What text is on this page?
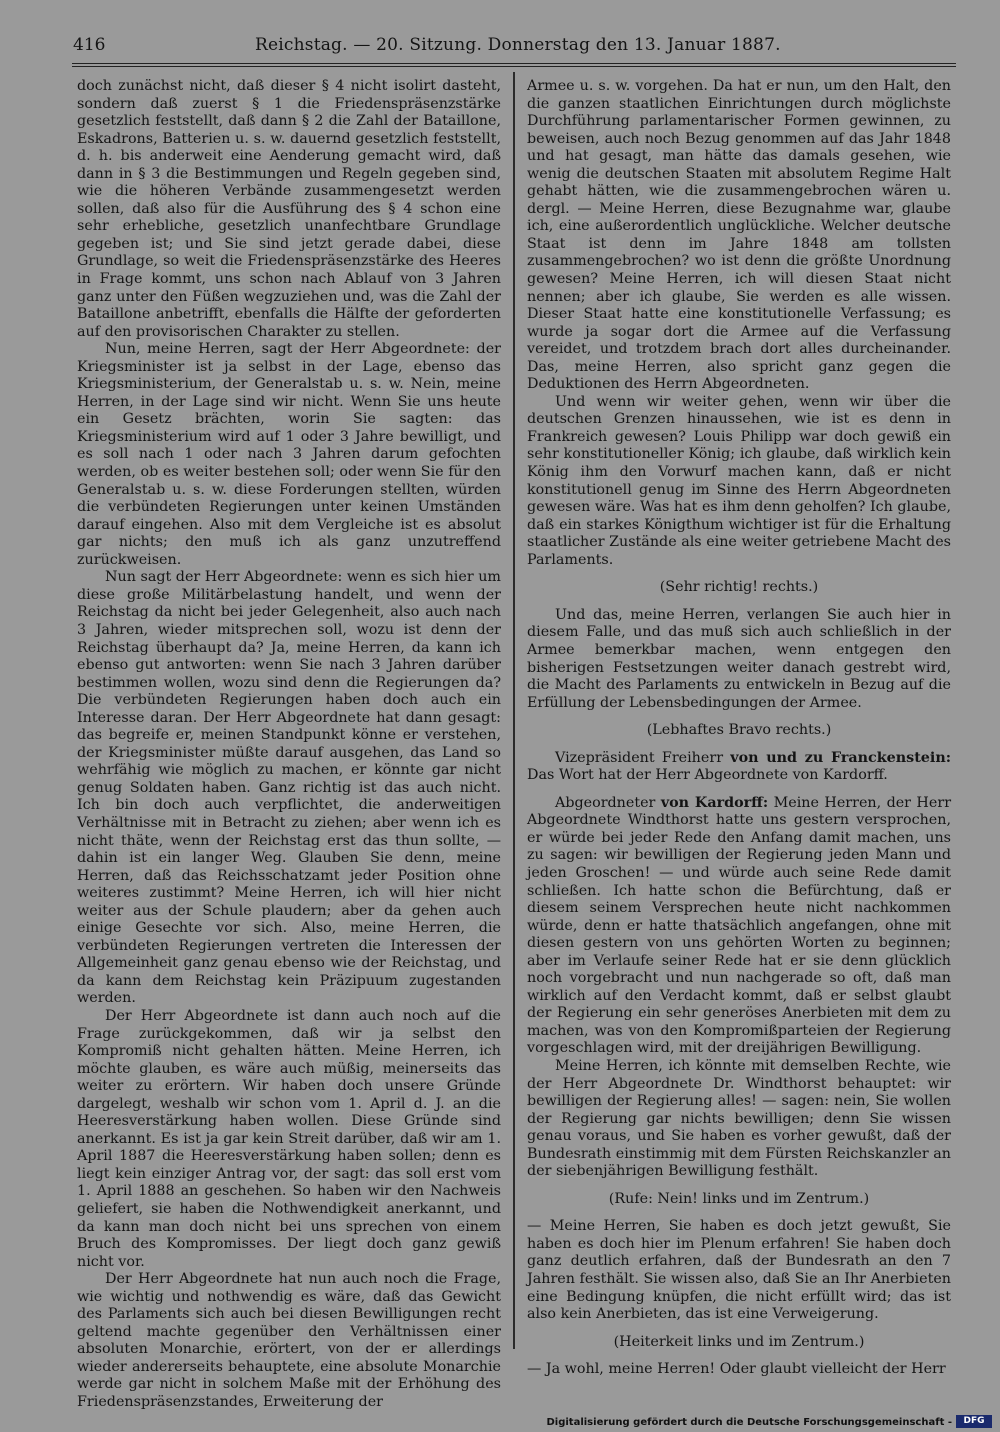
416	Reichstag. — 20. Sitzung. Donnerstag den 13. Januar 1887.

doch zunächst nicht, daß dieser § 4 nicht isolirt dasteht, sondern daß zuerst § 1 die Friedenspräsenzstärke gesetzlich feststellt, daß dann § 2 die Zahl der Bataillone, Eskadrons, Batterien u. s. w. dauernd gesetzlich feststellt, d. h. bis anderweit eine Aenderung gemacht wird, daß dann in § 3 die Bestimmungen und Regeln gegeben sind, wie die höheren Verbände zusammengesetzt werden sollen, daß also für die Ausführung des § 4 schon eine sehr erhebliche, gesetzlich unanfechtbare Grundlage gegeben ist; und Sie sind jetzt gerade dabei, diese Grundlage, so weit die Friedenspräsenzstärke des Heeres in Frage kommt, uns schon nach Ablauf von 3 Jahren ganz unter den Füßen wegzuziehen und, was die Zahl der Bataillone anbetrifft, ebenfalls die Hälfte der geforderten auf den provisorischen Charakter zu stellen.

Nun, meine Herren, sagt der Herr Abgeordnete: der Kriegsminister ist ja selbst in der Lage, ebenso das Kriegsministerium, der Generalstab u. s. w. Nein, meine Herren, in der Lage sind wir nicht. Wenn Sie uns heute ein Gesetz brächten, worin Sie sagten: das Kriegsministerium wird auf 1 oder 3 Jahre bewilligt, und es soll nach 1 oder nach 3 Jahren darum gefochten werden, ob es weiter bestehen soll; oder wenn Sie für den Generalstab u. s. w. diese Forderungen stellten, würden die verbündeten Regierungen unter keinen Umständen darauf eingehen. Also mit dem Vergleiche ist es absolut gar nichts; den muß ich als ganz unzutreffend zurückweisen.

Nun sagt der Herr Abgeordnete: wenn es sich hier um diese große Militärbelastung handelt, und wenn der Reichstag da nicht bei jeder Gelegenheit, also auch nach 3 Jahren, wieder mitsprechen soll, wozu ist denn der Reichstag überhaupt da? Ja, meine Herren, da kann ich ebenso gut antworten: wenn Sie nach 3 Jahren darüber bestimmen wollen, wozu sind denn die Regierungen da? Die verbündeten Regierungen haben doch auch ein Interesse daran. Der Herr Abgeordnete hat dann gesagt: das begreife er, meinen Standpunkt könne er verstehen, der Kriegsminister müßte darauf ausgehen, das Land so wehrfähig wie möglich zu machen, er könnte gar nicht genug Soldaten haben. Ganz richtig ist das auch nicht. Ich bin doch auch verpflichtet, die anderweitigen Verhältnisse mit in Betracht zu ziehen; aber wenn ich es nicht thäte, wenn der Reichstag erst das thun sollte, — dahin ist ein langer Weg. Glauben Sie denn, meine Herren, daß das Reichsschatzamt jeder Position ohne weiteres zustimmt? Meine Herren, ich will hier nicht weiter aus der Schule plaudern; aber da gehen auch einige Gesechte vor sich. Also, meine Herren, die verbündeten Regierungen vertreten die Interessen der Allgemeinheit ganz genau ebenso wie der Reichstag, und da kann dem Reichstag kein Präzipuum zugestanden werden.

Der Herr Abgeordnete ist dann auch noch auf die Frage zurückgekommen, daß wir ja selbst den Kompromiß nicht gehalten hätten. Meine Herren, ich möchte glauben, es wäre auch müßig, meinerseits das weiter zu erörtern. Wir haben doch unsere Gründe dargelegt, weshalb wir schon vom 1. April d. J. an die Heeresverstärkung haben wollen. Diese Gründe sind anerkannt. Es ist ja gar kein Streit darüber, daß wir am 1. April 1887 die Heeresverstärkung haben sollen; denn es liegt kein einziger Antrag vor, der sagt: das soll erst vom 1. April 1888 an geschehen. So haben wir den Nachweis geliefert, sie haben die Nothwendigkeit anerkannt, und da kann man doch nicht bei uns sprechen von einem Bruch des Kompromisses. Der liegt doch ganz gewiß nicht vor.

Der Herr Abgeordnete hat nun auch noch die Frage, wie wichtig und nothwendig es wäre, daß das Gewicht des Parlaments sich auch bei diesen Bewilligungen recht geltend machte gegenüber den Verhältnissen einer absoluten Monarchie, erörtert, von der er allerdings wieder andererseits behauptete, eine absolute Monarchie werde gar nicht in solchem Maße mit der Erhöhung des Friedenspräsenzstandes, Erweiterung der

Armee u. s. w. vorgehen. Da hat er nun, um den Halt, den die ganzen staatlichen Einrichtungen durch möglichste Durchführung parlamentarischer Formen gewinnen, zu beweisen, auch noch Bezug genommen auf das Jahr 1848 und hat gesagt, man hätte das damals gesehen, wie wenig die deutschen Staaten mit absolutem Regime Halt gehabt hätten, wie die zusammengebrochen wären u. dergl. — Meine Herren, diese Bezugnahme war, glaube ich, eine außerordentlich unglückliche. Welcher deutsche Staat ist denn im Jahre 1848 am tollsten zusammengebrochen? wo ist denn die größte Unordnung gewesen? Meine Herren, ich will diesen Staat nicht nennen; aber ich glaube, Sie werden es alle wissen. Dieser Staat hatte eine konstitutionelle Verfassung; es wurde ja sogar dort die Armee auf die Verfassung vereidet, und trotzdem brach dort alles durcheinander. Das, meine Herren, also spricht ganz gegen die Deduktionen des Herrn Abgeordneten.

Und wenn wir weiter gehen, wenn wir über die deutschen Grenzen hinaussehen, wie ist es denn in Frankreich gewesen? Louis Philipp war doch gewiß ein sehr konstitutioneller König; ich glaube, daß wirklich kein König ihm den Vorwurf machen kann, daß er nicht konstitutionell genug im Sinne des Herrn Abgeordneten gewesen wäre. Was hat es ihm denn geholfen? Ich glaube, daß ein starkes Königthum wichtiger ist für die Erhaltung staatlicher Zustände als eine weiter getriebene Macht des Parlaments.

(Sehr richtig! rechts.)

Und das, meine Herren, verlangen Sie auch hier in diesem Falle, und das muß sich auch schließlich in der Armee bemerkbar machen, wenn entgegen den bisherigen Festsetzungen weiter danach gestrebt wird, die Macht des Parlaments zu entwickeln in Bezug auf die Erfüllung der Lebensbedingungen der Armee.

(Lebhaftes Bravo rechts.)

Vizepräsident Freiherr von und zu Franckenstein: Das Wort hat der Herr Abgeordnete von Kardorff.

Abgeordneter von Kardorff: Meine Herren, der Herr Abgeordnete Windthorst hatte uns gestern versprochen, er würde bei jeder Rede den Anfang damit machen, uns zu sagen: wir bewilligen der Regierung jeden Mann und jeden Groschen! — und würde auch seine Rede damit schließen. Ich hatte schon die Befürchtung, daß er diesem seinem Versprechen heute nicht nachkommen würde, denn er hatte thatsächlich angefangen, ohne mit diesen gestern von uns gehörten Worten zu beginnen; aber im Verlaufe seiner Rede hat er sie denn glücklich noch vorgebracht und nun nachgerade so oft, daß man wirklich auf den Verdacht kommt, daß er selbst glaubt der Regierung ein sehr generöses Anerbieten mit dem zu machen, was von den Kompromißparteien der Regierung vorgeschlagen wird, mit der dreijährigen Bewilligung.

Meine Herren, ich könnte mit demselben Rechte, wie der Herr Abgeordnete Dr. Windthorst behauptet: wir bewilligen der Regierung alles! — sagen: nein, Sie wollen der Regierung gar nichts bewilligen; denn Sie wissen genau voraus, und Sie haben es vorher gewußt, daß der Bundesrath einstimmig mit dem Fürsten Reichskanzler an der siebenjährigen Bewilligung festhält.

(Rufe: Nein! links und im Zentrum.)

— Meine Herren, Sie haben es doch jetzt gewußt, Sie haben es doch hier im Plenum erfahren! Sie haben doch ganz deutlich erfahren, daß der Bundesrath an den 7 Jahren festhält. Sie wissen also, daß Sie an Ihr Anerbieten eine Bedingung knüpfen, die nicht erfüllt wird; das ist also kein Anerbieten, das ist eine Verweigerung.

(Heiterkeit links und im Zentrum.)

— Ja wohl, meine Herren! Oder glaubt vielleicht der Herr

Digitalisierung gefördert durch die Deutsche Forschungsgemeinschaft -	DFG
